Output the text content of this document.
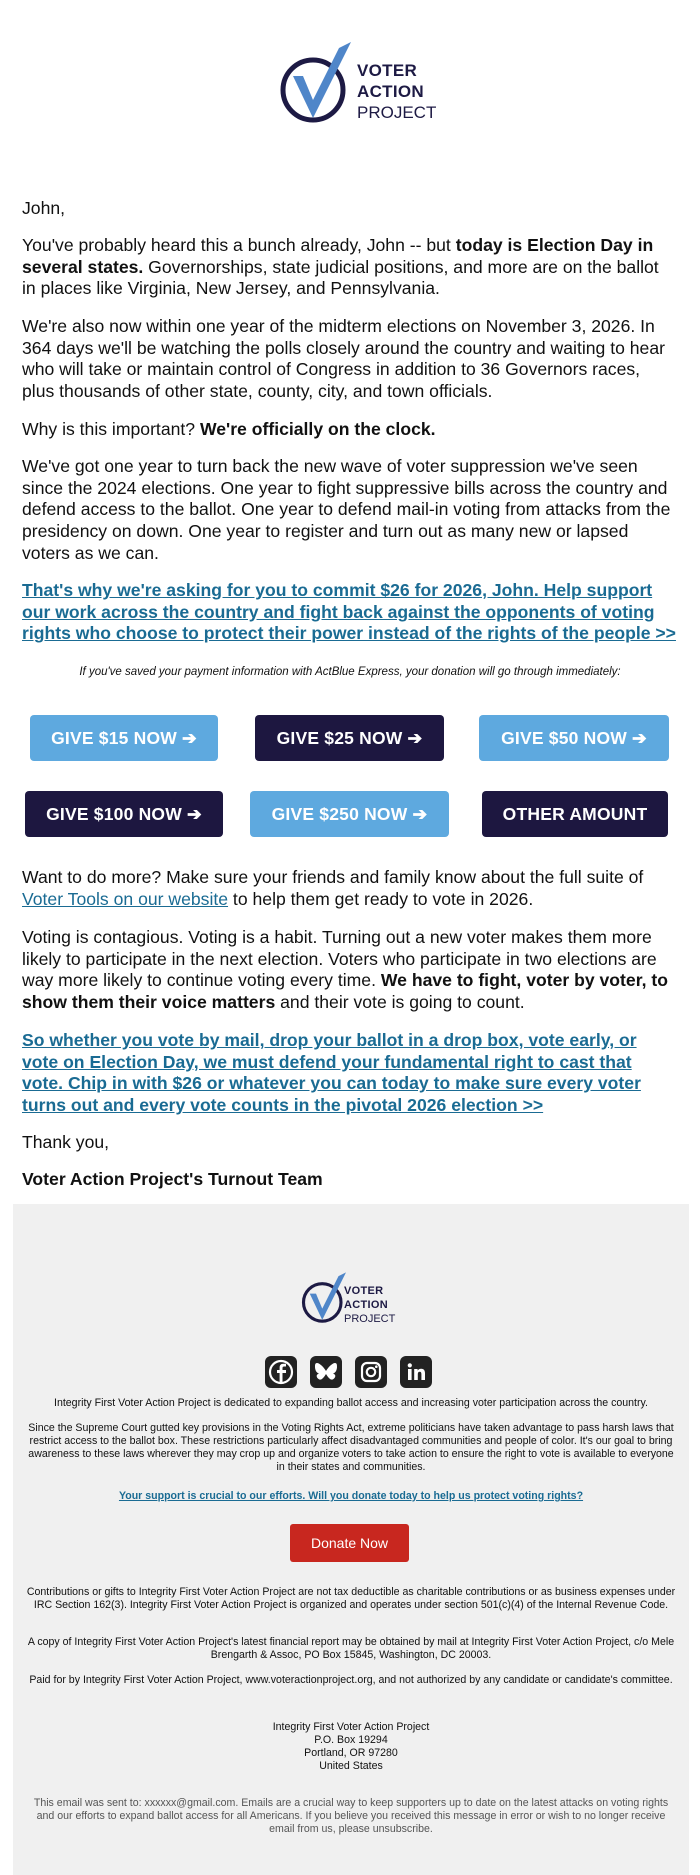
VOTER
ACTION
PROJECT

John,

You've probably heard this a bunch already, John -- but today is Election Day in several states. Governorships, state judicial positions, and more are on the ballot in places like Virginia, New Jersey, and Pennsylvania.

We're also now within one year of the midterm elections on November 3, 2026. In 364 days we'll be watching the polls closely around the country and waiting to hear who will take or maintain control of Congress in addition to 36 Governors races, plus thousands of other state, county, city, and town officials.

Why is this important? We're officially on the clock.

We've got one year to turn back the new wave of voter suppression we've seen since the 2024 elections. One year to fight suppressive bills across the country and defend access to the ballot. One year to defend mail-in voting from attacks from the presidency on down. One year to register and turn out as many new or lapsed voters as we can.

That's why we're asking for you to commit $26 for 2026, John. Help support our work across the country and fight back against the opponents of voting rights who choose to protect their power instead of the rights of the people >>

If you've saved your payment information with ActBlue Express, your donation will go through immediately:
GIVE $15 NOW ➔	GIVE $25 NOW ➔	GIVE $50 NOW ➔
GIVE $100 NOW ➔	GIVE $250 NOW ➔	OTHER AMOUNT

Want to do more? Make sure your friends and family know about the full suite of Voter Tools on our website to help them get ready to vote in 2026.

Voting is contagious. Voting is a habit. Turning out a new voter makes them more likely to participate in the next election. Voters who participate in two elections are way more likely to continue voting every time. We have to fight, voter by voter, to show them their voice matters and their vote is going to count.

So whether you vote by mail, drop your ballot in a drop box, vote early, or vote on Election Day, we must defend your fundamental right to cast that vote. Chip in with $26 or whatever you can today to make sure every voter turns out and every vote counts in the pivotal 2026 election >>

Thank you,

Voter Action Project's Turnout Team

VOTER
ACTION
PROJECT

Integrity First Voter Action Project is dedicated to expanding ballot access and increasing voter participation across the country.

Since the Supreme Court gutted key provisions in the Voting Rights Act, extreme politicians have taken advantage to pass harsh laws that restrict access to the ballot box. These restrictions particularly affect disadvantaged communities and people of color. It's our goal to bring awareness to these laws wherever they may crop up and organize voters to take action to ensure the right to vote is available to everyone in their states and communities.

Your support is crucial to our efforts. Will you donate today to help us protect voting rights?

Donate Now

Contributions or gifts to Integrity First Voter Action Project are not tax deductible as charitable contributions or as business expenses under IRC Section 162(3). Integrity First Voter Action Project is organized and operates under section 501(c)(4) of the Internal Revenue Code.

A copy of Integrity First Voter Action Project's latest financial report may be obtained by mail at Integrity First Voter Action Project, c/o Mele Brengarth & Assoc, PO Box 15845, Washington, DC 20003.

Paid for by Integrity First Voter Action Project, www.voteractionproject.org, and not authorized by any candidate or candidate's committee.

Integrity First Voter Action Project

P.O. Box 19294

Portland, OR 97280

United States

This email was sent to: xxxxxx@gmail.com. Emails are a crucial way to keep supporters up to date on the latest attacks on voting rights and our efforts to expand ballot access for all Americans. If you believe you received this message in error or wish to no longer receive email from us, please unsubscribe.
